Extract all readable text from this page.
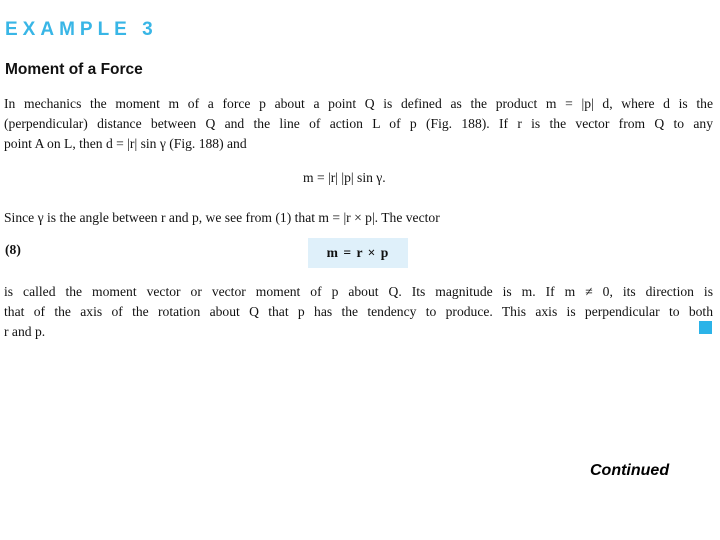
EXAMPLE 3
Moment of a Force

In mechanics the moment m of a force p about a point Q is defined as the product m = |p| d, where d is the
(perpendicular) distance between Q and the line of action L of p (Fig. 188). If r is the vector from Q to any
point A on L, then d = |r| sin γ (Fig. 188) and

m = |r| |p| sin γ.

Since γ is the angle between r and p, we see from (1) that m = |r × p|. The vector

(8)	m = r × p

is called the moment vector or vector moment of p about Q. Its magnitude is m. If m ≠ 0, its direction is
that of the axis of the rotation about Q that p has the tendency to produce. This axis is perpendicular to both
r and p.

Continued
